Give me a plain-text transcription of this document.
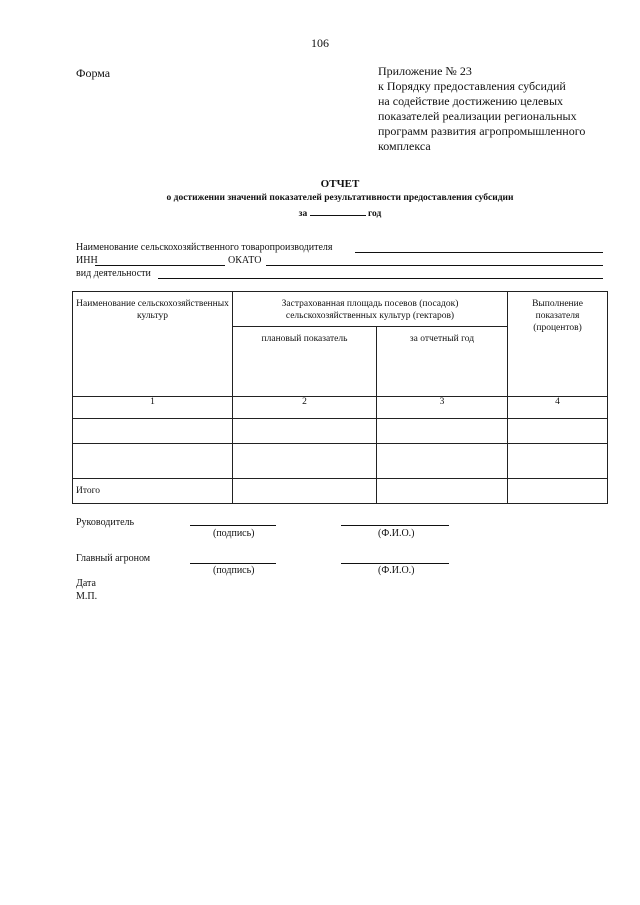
106
Форма	Приложение № 23
к Порядку предоставления субсидий
на содействие достижению целевых
показателей реализации региональных
программ развития агропромышленного
комплекса
ОТЧЕТ
о достижении значений показателей результативности предоставления субсидии
за	год
Наименование сельскохозяйственного товаропроизводителя
ИНН	ОКАТО
вид деятельности
Наименование сельскохозяйственных культур	Застрахованная площадь посевов (посадок) сельскохозяйственных культур (гектаров)		Выполнение показателя (процентов)

	плановый показатель	за отчетный год	

1	2	3	4

Итого			
Руководитель
(подпись)	(Ф.И.О.)
Главный агроном
(подпись)	(Ф.И.О.)
Дата
М.П.
